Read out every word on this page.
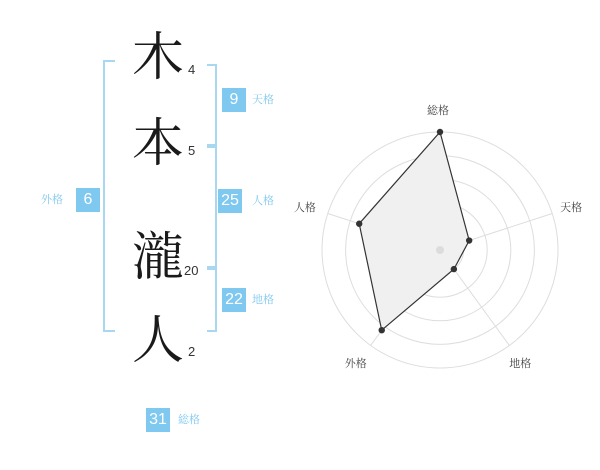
木 4
本 5
瀧 20
人 2
9	天格
25 人格
22 地格
外格	6
31 総格
総格
天格
地格
外格
人格
